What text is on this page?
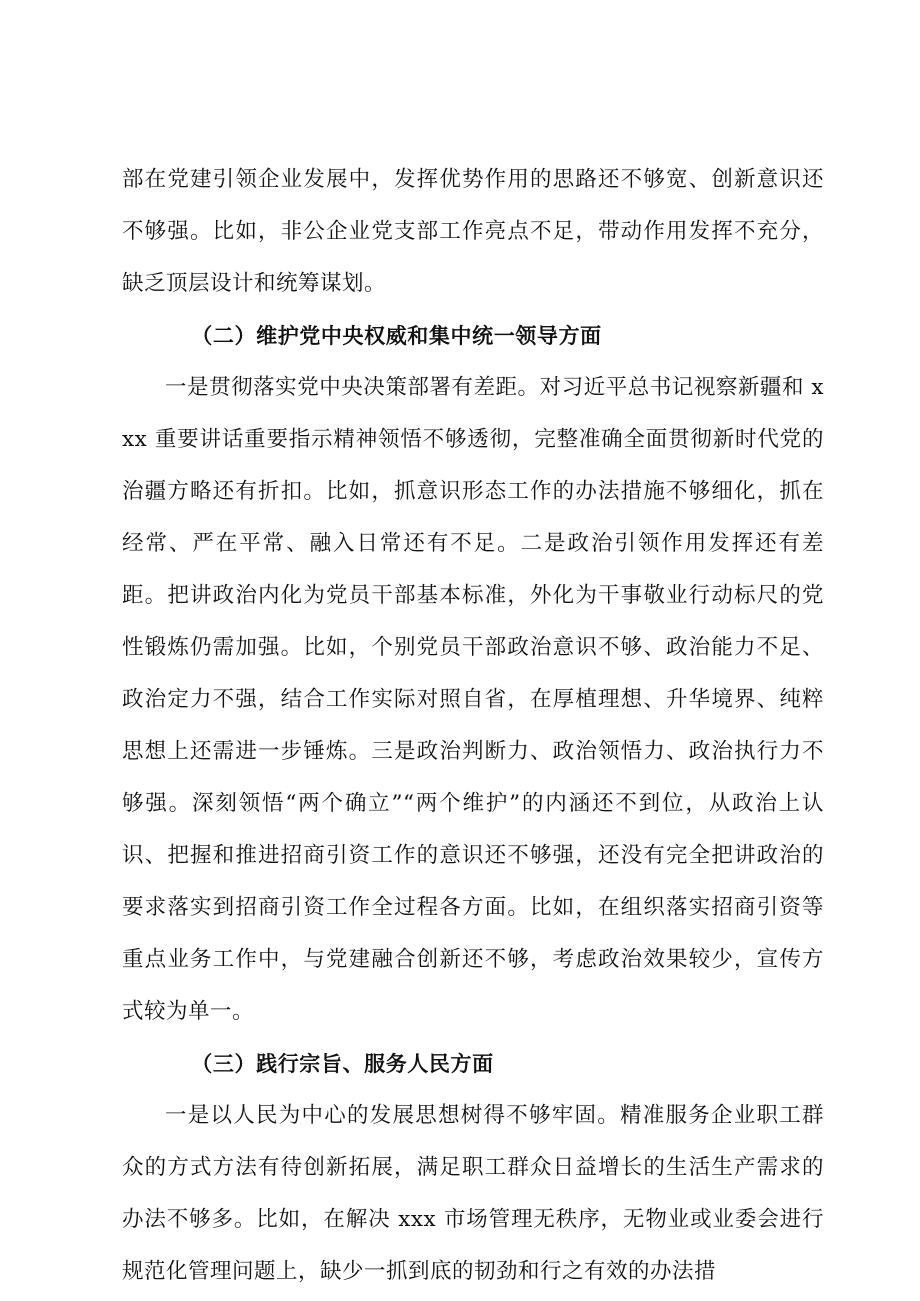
部在党建引领企业发展中，发挥优势作用的思路还不够宽、创新意识还不够强。比如，非公企业党支部工作亮点不足，带动作用发挥不充分，缺乏顶层设计和统筹谋划。

（二）维护党中央权威和集中统一领导方面

一是贯彻落实党中央决策部署有差距。对习近平总书记视察新疆和 xxx 重要讲话重要指示精神领悟不够透彻，完整准确全面贯彻新时代党的治疆方略还有折扣。比如，抓意识形态工作的办法措施不够细化，抓在经常、严在平常、融入日常还有不足。二是政治引领作用发挥还有差距。把讲政治内化为党员干部基本标准，外化为干事敬业行动标尺的党性锻炼仍需加强。比如，个别党员干部政治意识不够、政治能力不足、政治定力不强，结合工作实际对照自省，在厚植理想、升华境界、纯粹思想上还需进一步锤炼。三是政治判断力、政治领悟力、政治执行力不够强。深刻领悟“两个确立”“两个维护”的内涵还不到位，从政治上认识、把握和推进招商引资工作的意识还不够强，还没有完全把讲政治的要求落实到招商引资工作全过程各方面。比如，在组织落实招商引资等重点业务工作中，与党建融合创新还不够，考虑政治效果较少，宣传方式较为单一。

（三）践行宗旨、服务人民方面

一是以人民为中心的发展思想树得不够牢固。精准服务企业职工群众的方式方法有待创新拓展，满足职工群众日益增长的生活生产需求的办法不够多。比如，在解决 xxx 市场管理无秩序，无物业或业委会进行规范化管理问题上，缺少一抓到底的韧劲和行之有效的办法措
